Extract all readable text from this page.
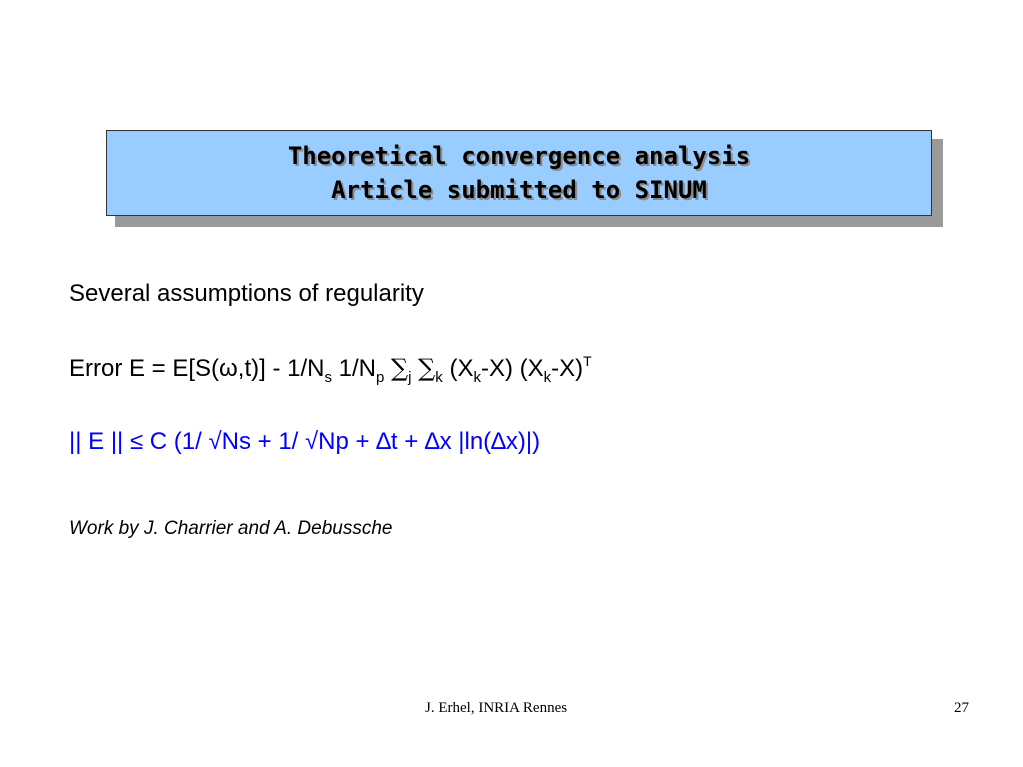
Theoretical convergence analysis
Article submitted to SINUM
Several assumptions of regularity
Error $E = E[S(\omega,t)] - 1/N_s$ $1/N_p$ $\sum_j$ $\sum_k$ $(X_k-X)$ $(X_k-X)^T$
|| E || ≤ C (1/ √Ns + 1/ √Np + ∆t + ∆x |ln(∆x)|)
Work by J. Charrier and A. Debussche
J. Erhel, INRIA Rennes	27
